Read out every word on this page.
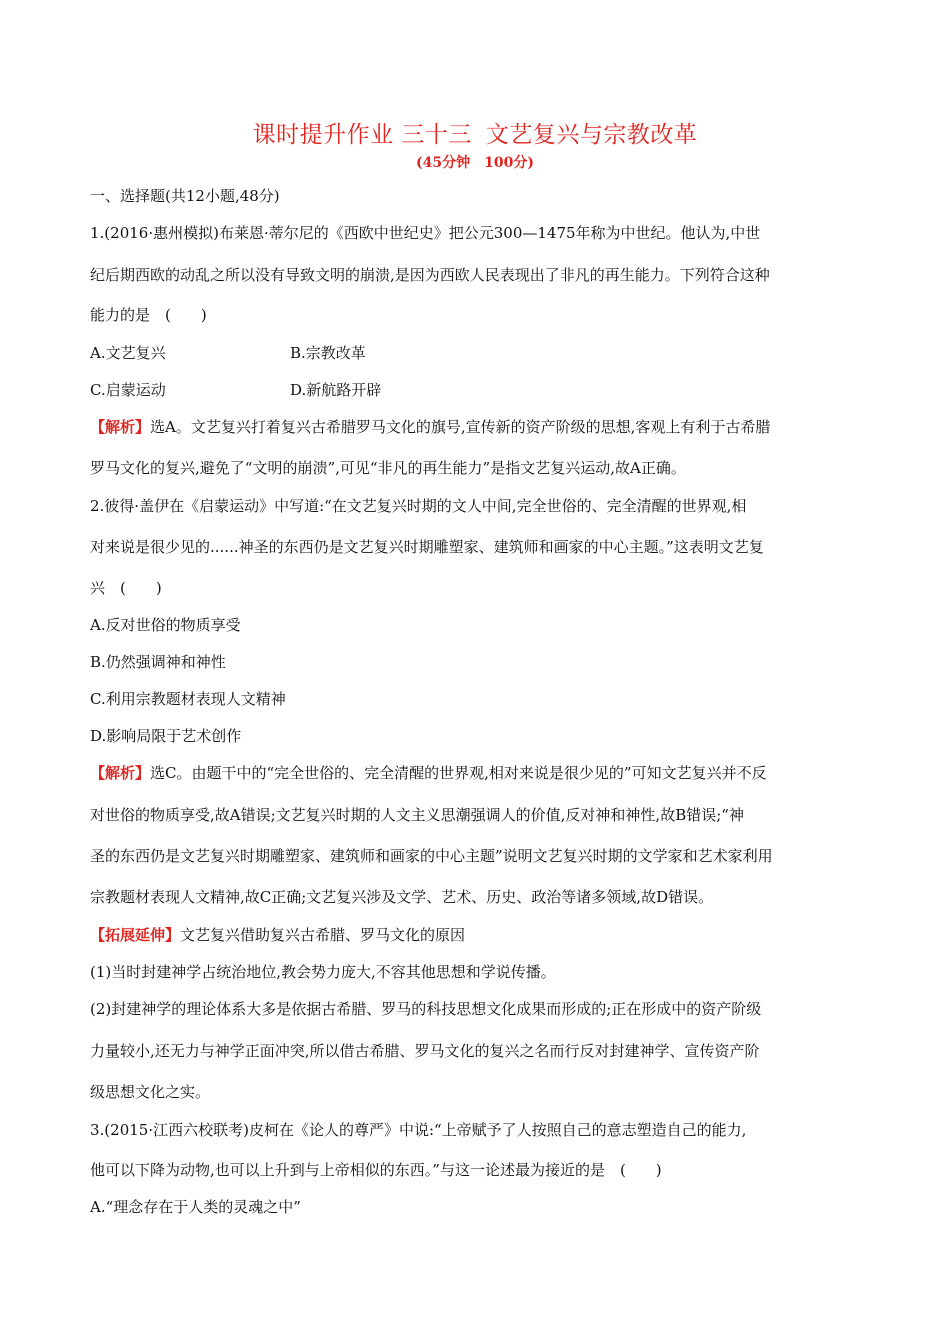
课时提升作业 三十三 文艺复兴与宗教改革
(45分钟　100分)
一、选择题(共12小题,48分)
1.(2016·惠州模拟)布莱恩·蒂尔尼的《西欧中世纪史》把公元300—1475年称为中世纪。他认为,中世
纪后期西欧的动乱之所以没有导致文明的崩溃,是因为西欧人民表现出了非凡的再生能力。下列符合这种
能力的是　(　　)
A.文艺复兴	B.宗教改革
C.启蒙运动	D.新航路开辟
【解析】选A。文艺复兴打着复兴古希腊罗马文化的旗号,宣传新的资产阶级的思想,客观上有利于古希腊
罗马文化的复兴,避免了“文明的崩溃”,可见“非凡的再生能力”是指文艺复兴运动,故A正确。
2.彼得·盖伊在《启蒙运动》中写道:“在文艺复兴时期的文人中间,完全世俗的、完全清醒的世界观,相
对来说是很少见的......神圣的东西仍是文艺复兴时期雕塑家、建筑师和画家的中心主题。”这表明文艺复
兴　(　　)
A.反对世俗的物质享受
B.仍然强调神和神性
C.利用宗教题材表现人文精神
D.影响局限于艺术创作
【解析】选C。由题干中的“完全世俗的、完全清醒的世界观,相对来说是很少见的”可知文艺复兴并不反
对世俗的物质享受,故A错误;文艺复兴时期的人文主义思潮强调人的价值,反对神和神性,故B错误;“神
圣的东西仍是文艺复兴时期雕塑家、建筑师和画家的中心主题”说明文艺复兴时期的文学家和艺术家利用
宗教题材表现人文精神,故C正确;文艺复兴涉及文学、艺术、历史、政治等诸多领域,故D错误。
【拓展延伸】文艺复兴借助复兴古希腊、罗马文化的原因
(1)当时封建神学占统治地位,教会势力庞大,不容其他思想和学说传播。
(2)封建神学的理论体系大多是依据古希腊、罗马的科技思想文化成果而形成的;正在形成中的资产阶级
力量较小,还无力与神学正面冲突,所以借古希腊、罗马文化的复兴之名而行反对封建神学、宣传资产阶
级思想文化之实。
3.(2015·江西六校联考)皮柯在《论人的尊严》中说:“上帝赋予了人按照自己的意志塑造自己的能力,
他可以下降为动物,也可以上升到与上帝相似的东西。”与这一论述最为接近的是　(　　)
A.“理念存在于人类的灵魂之中”
